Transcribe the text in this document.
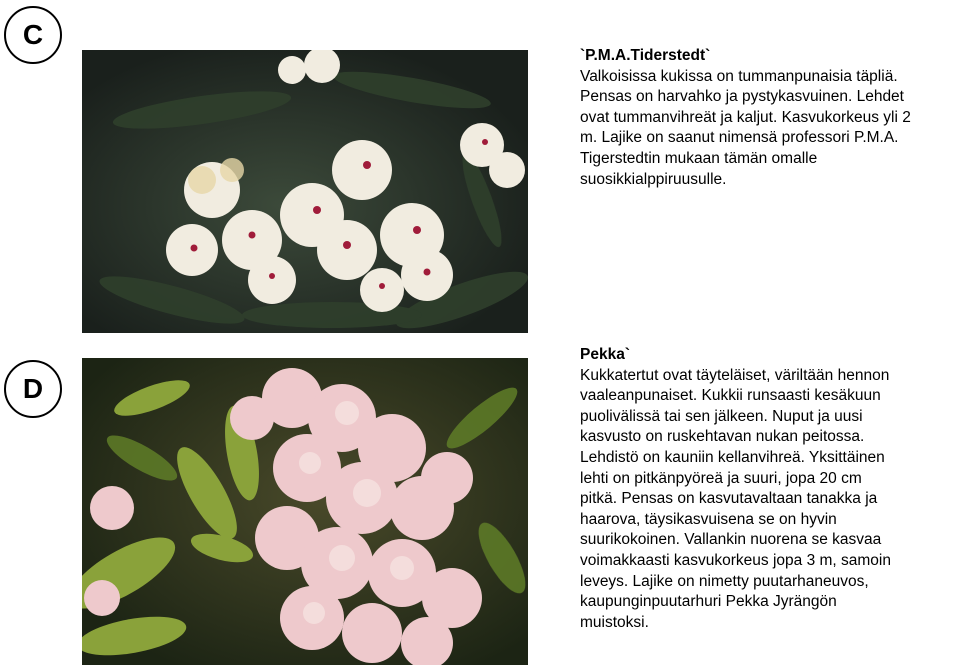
C
`P.M.A.Tiderstedt`
Valkoisissa kukissa on tummanpunaisia täpliä.
Pensas on harvahko ja pystykasvuinen. Lehdet
ovat tummanvihreät ja kaljut. Kasvukorkeus yli 2
m. Lajike on saanut nimensä professori P.M.A.
Tigerstedtin mukaan tämän omalle
suosikkialppiruusulle.
D
Pekka`
Kukkatertut ovat täyteläiset, väriltään hennon
vaaleanpunaiset. Kukkii runsaasti kesäkuun
puolivälissä tai sen jälkeen. Nuput ja uusi
kasvusto on ruskehtavan nukan peitossa.
Lehdistö on kauniin kellanvihreä. Yksittäinen
lehti on pitkänpyöreä ja suuri, jopa 20 cm
pitkä. Pensas on kasvutavaltaan tanakka ja
haarova, täysikasvuisena se on hyvin
suurikokoinen. Vallankin nuorena se kasvaa
voimakkaasti kasvukorkeus jopa 3 m, samoin
leveys. Lajike on nimetty puutarhaneuvos,
kaupunginpuutarhuri Pekka Jyrängön
muistoksi.
